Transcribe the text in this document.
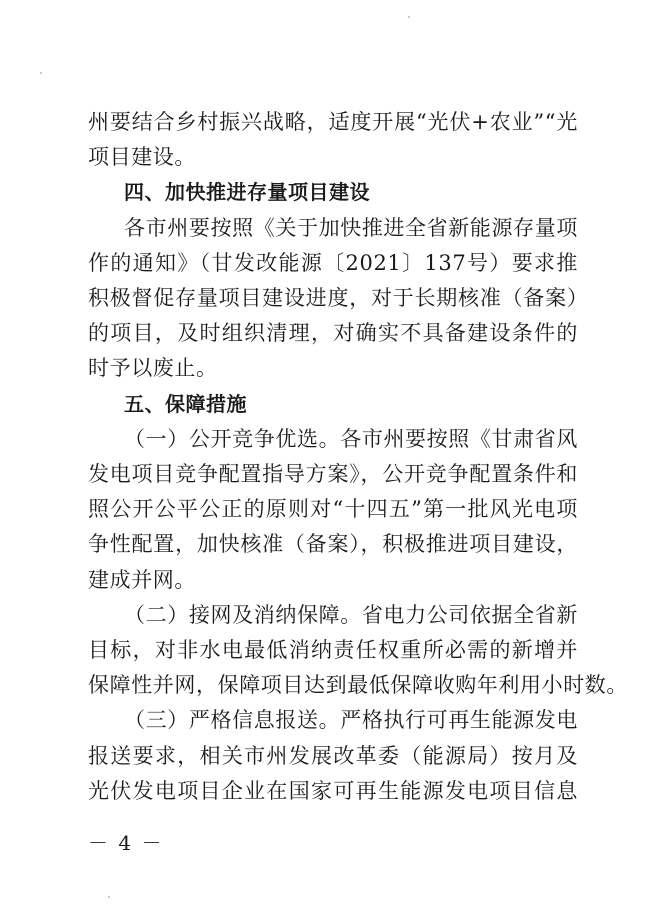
州要结合乡村振兴战略，适度开展“光伏+农业”“光
项目建设。
四、加快推进存量项目建设
各市州要按照《关于加快推进全省新能源存量项
作的通知》（甘发改能源〔2021〕137号）要求推
积极督促存量项目建设进度，对于长期核准（备案）
的项目，及时组织清理，对确实不具备建设条件的
时予以废止。
五、保障措施
（一）公开竞争优选。各市州要按照《甘肃省风
发电项目竞争配置指导方案》，公开竞争配置条件和
照公开公平公正的原则对“十四五”第一批风光电项
争性配置，加快核准（备案），积极推进项目建设，
建成并网。
（二）接网及消纳保障。省电力公司依据全省新
目标，对非水电最低消纳责任权重所必需的新增并
保障性并网，保障项目达到最低保障收购年利用小时数。
（三）严格信息报送。严格执行可再生能源发电
报送要求，相关市州发展改革委（能源局）按月及
光伏发电项目企业在国家可再生能源发电项目信息
－ 4 －
